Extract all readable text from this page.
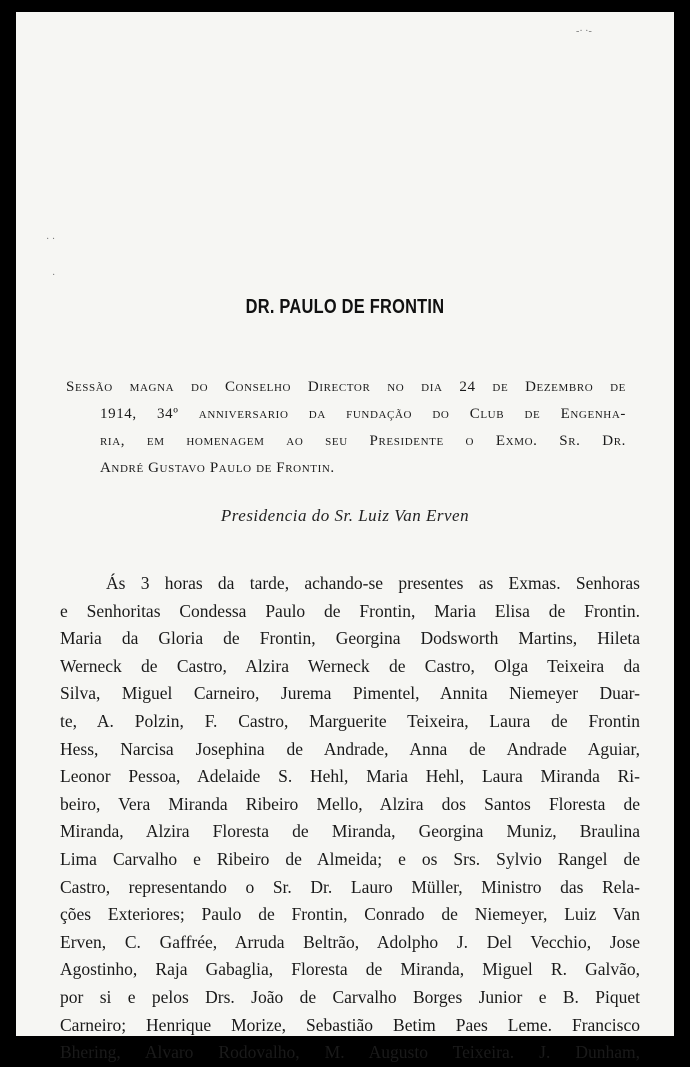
-· ·-
· ·
·
DR. PAULO DE FRONTIN
Sessão magna do Conselho Director no dia 24 de Dezembro de
1914, 34º anniversario da fundação do Club de Engenha-
ria, em homenagem ao seu Presidente o Exmo. Sr. Dr.
André Gustavo Paulo de Frontin.
Presidencia do Sr. Luiz Van Erven
Ás 3 horas da tarde, achando-se presentes as Exmas. Senhoras
e Senhoritas Condessa Paulo de Frontin, Maria Elisa de Frontin.
Maria da Gloria de Frontin, Georgina Dodsworth Martins, Hileta
Werneck de Castro, Alzira Werneck de Castro, Olga Teixeira da
Silva, Miguel Carneiro, Jurema Pimentel, Annita Niemeyer Duar-
te, A. Polzin, F. Castro, Marguerite Teixeira, Laura de Frontin
Hess, Narcisa Josephina de Andrade, Anna de Andrade Aguiar,
Leonor Pessoa, Adelaide S. Hehl, Maria Hehl, Laura Miranda Ri-
beiro, Vera Miranda Ribeiro Mello, Alzira dos Santos Floresta de
Miranda, Alzira Floresta de Miranda, Georgina Muniz, Braulina
Lima Carvalho e Ribeiro de Almeida; e os Srs. Sylvio Rangel de
Castro, representando o Sr. Dr. Lauro Müller, Ministro das Rela-
ções Exteriores; Paulo de Frontin, Conrado de Niemeyer, Luiz Van
Erven, C. Gaffrée, Arruda Beltrão, Adolpho J. Del Vecchio, Jose
Agostinho, Raja Gabaglia, Floresta de Miranda, Miguel R. Galvão,
por si e pelos Drs. João de Carvalho Borges Junior e B. Piquet
Carneiro; Henrique Morize, Sebastião Betim Paes Leme. Francisco
Bhering, Alvaro Rodovalho, M. Augusto Teixeira. J. Dunham,
